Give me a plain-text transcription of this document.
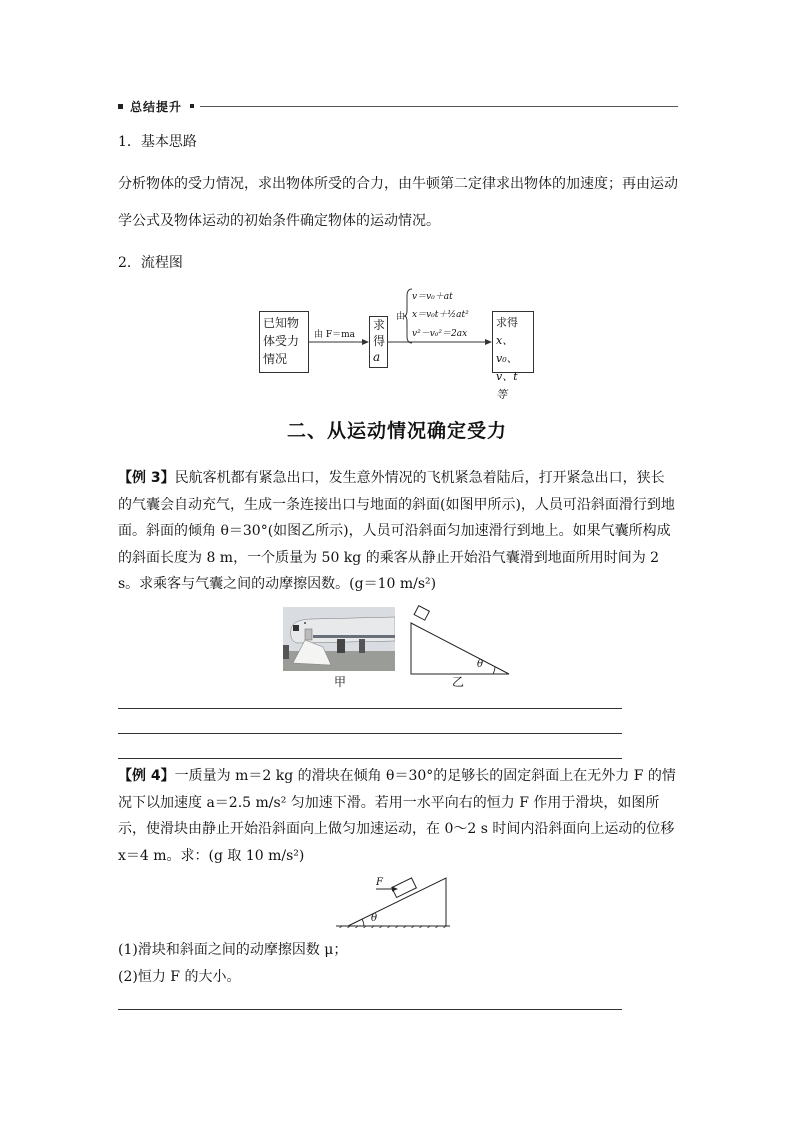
总结提升
1．基本思路
分析物体的受力情况，求出物体所受的合力，由牛顿第二定律求出物体的加速度；再由运动
学公式及物体运动的初始条件确定物体的运动情况。
2．流程图
已知物
体受力
情况
由 F＝ma
求
得
a
由
v＝v₀＋at
x＝v₀t＋½at²
v²－v₀²＝2ax
求得
x、v₀、
v、t 等
二、从运动情况确定受力
【例 3】民航客机都有紧急出口，发生意外情况的飞机紧急着陆后，打开紧急出口，狭长的气囊会自动充气，生成一条连接出口与地面的斜面(如图甲所示)，人员可沿斜面滑行到地面。斜面的倾角 θ＝30°(如图乙所示)，人员可沿斜面匀加速滑行到地上。如果气囊所构成的斜面长度为 8 m，一个质量为 50 kg 的乘客从静止开始沿气囊滑到地面所用时间为 2 s。求乘客与气囊之间的动摩擦因数。(g＝10 m/s²)
甲
θ
乙
【例 4】一质量为 m＝2 kg 的滑块在倾角 θ＝30°的足够长的固定斜面上在无外力 F 的情况下以加速度 a＝2.5 m/s² 匀加速下滑。若用一水平向右的恒力 F 作用于滑块，如图所示，使滑块由静止开始沿斜面向上做匀加速运动，在 0～2 s 时间内沿斜面向上运动的位移 x＝4 m。求：(g 取 10 m/s²)
F
θ
(1)滑块和斜面之间的动摩擦因数 μ；
(2)恒力 F 的大小。
